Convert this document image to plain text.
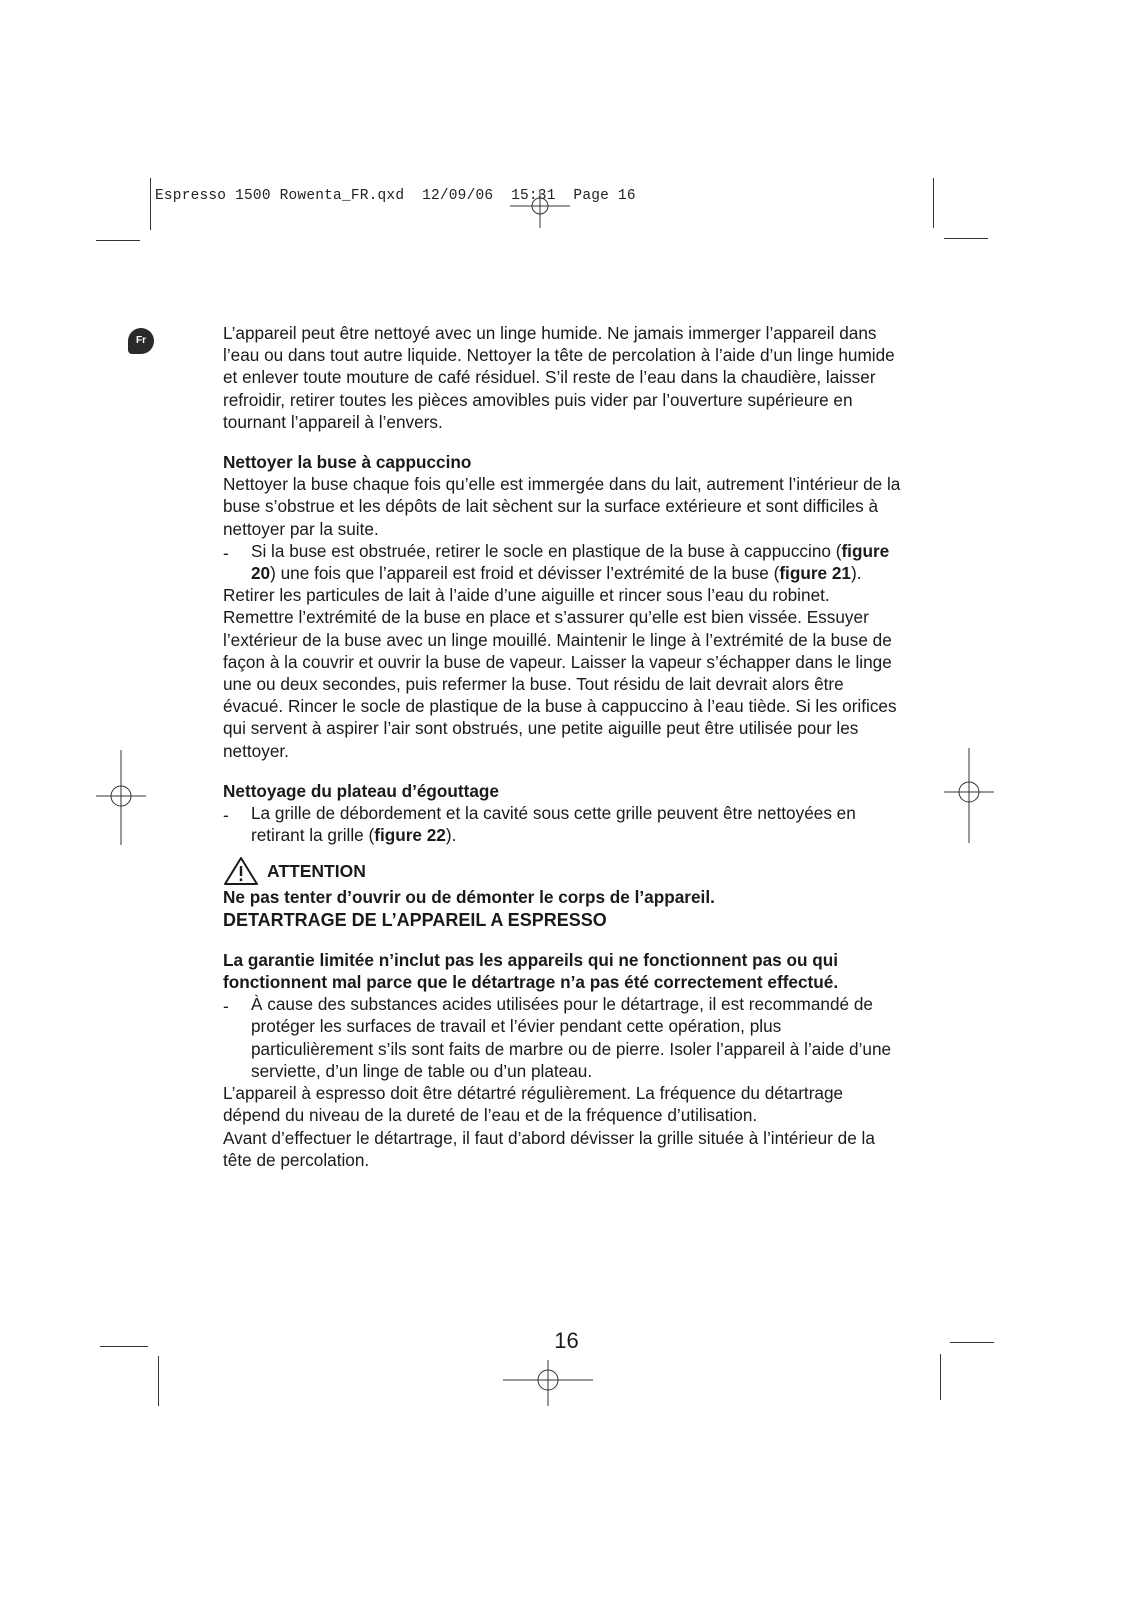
Espresso 1500 Rowenta_FR.qxd 12/09/06 15:31 Page 16
Fr	L’appareil peut être nettoyé avec un linge humide. Ne jamais immerger l’appareil dans l’eau ou dans tout autre liquide. Nettoyer la tête de percolation à l’aide d’un linge humide et enlever toute mouture de café résiduel. S’il reste de l’eau dans la chaudière, laisser refroidir, retirer toutes les pièces amovibles puis vider par l’ouverture supérieure en tournant l’appareil à l’envers.

Nettoyer la buse à cappuccino

Nettoyer la buse chaque fois qu’elle est immergée dans du lait, autrement l’intérieur de la buse s’obstrue et les dépôts de lait sèchent sur la surface extérieure et sont difficiles à nettoyer par la suite.

- Si la buse est obstruée, retirer le socle en plastique de la buse à cappuccino (figure 20) une fois que l’appareil est froid et dévisser l’extrémité de la buse (figure 21).

Retirer les particules de lait à l’aide d’une aiguille et rincer sous l’eau du robinet. Remettre l’extrémité de la buse en place et s’assurer qu’elle est bien vissée. Essuyer l’extérieur de la buse avec un linge mouillé. Maintenir le linge à l’extrémité de la buse de façon à la couvrir et ouvrir la buse de vapeur. Laisser la vapeur s’échapper dans le linge une ou deux secondes, puis refermer la buse. Tout résidu de lait devrait alors être évacué. Rincer le socle de plastique de la buse à cappuccino à l’eau tiède. Si les orifices qui servent à aspirer l’air sont obstrués, une petite aiguille peut être utilisée pour les nettoyer.

Nettoyage du plateau d’égouttage

- La grille de débordement et la cavité sous cette grille peuvent être nettoyées en retirant la grille (figure 22).
ATTENTION

Ne pas tenter d’ouvrir ou de démonter le corps de l’appareil.

DETARTRAGE DE L’APPAREIL A ESPRESSO

La garantie limitée n’inclut pas les appareils qui ne fonctionnent pas ou qui fonctionnent mal parce que le détartrage n’a pas été correctement effectué.

- À cause des substances acides utilisées pour le détartrage, il est recommandé de protéger les surfaces de travail et l’évier pendant cette opération, plus particulièrement s’ils sont faits de marbre ou de pierre. Isoler l’appareil à l’aide d’une serviette, d’un linge de table ou d’un plateau.

L’appareil à espresso doit être détartré régulièrement. La fréquence du détartrage dépend du niveau de la dureté de l’eau et de la fréquence d’utilisation.

Avant d’effectuer le détartrage, il faut d’abord dévisser la grille située à l’intérieur de la tête de percolation.

16
